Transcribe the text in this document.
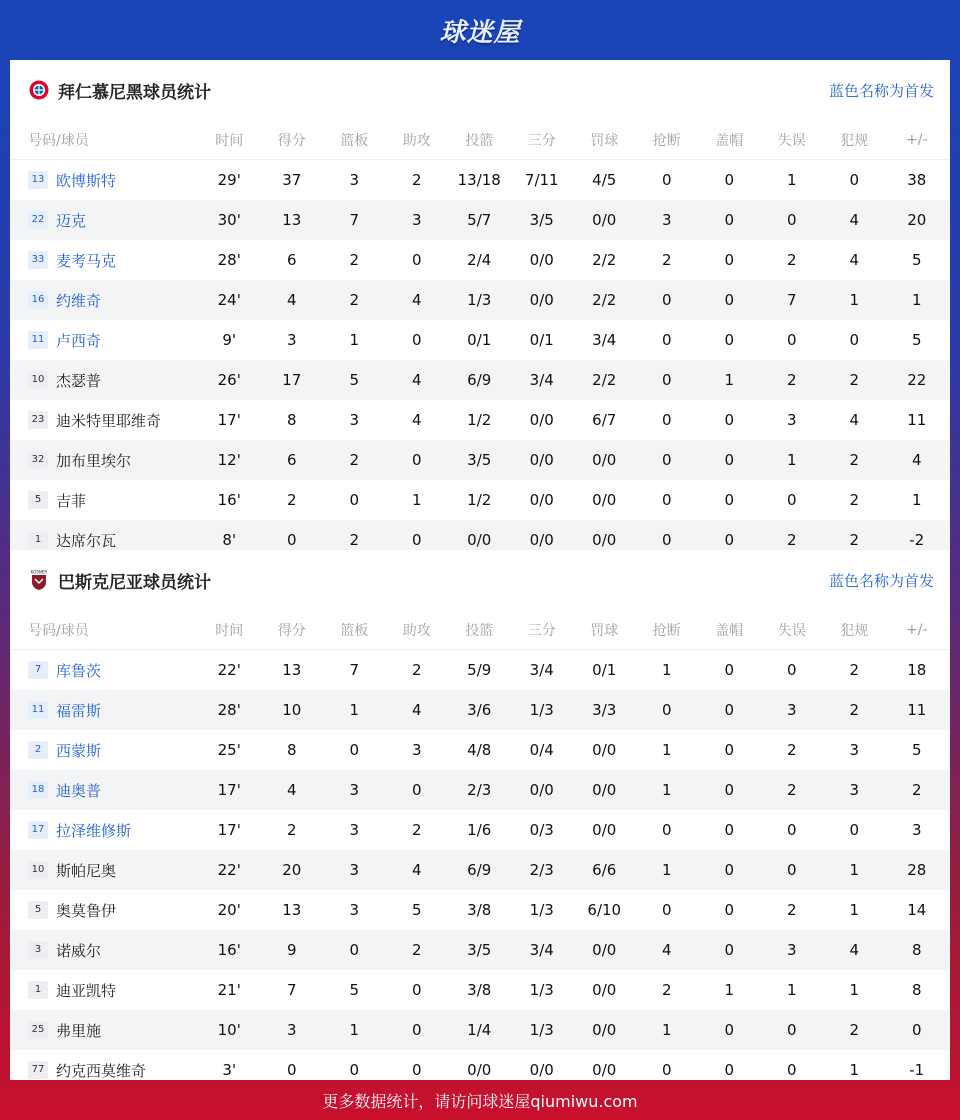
球迷屋
拜仁慕尼黑球员统计	蓝色名称为首发
号码/球员	时间	得分	篮板	助攻	投篮	三分	罚球	抢断	盖帽	失误	犯规	+/-
13 欧博斯特	29'	37	3	2	13/18	7/11	4/5	0	0	1	0	38
22 迈克	30'	13	7	3	5/7	3/5	0/0	3	0	0	4	20
33 麦考马克	28'	6	2	0	2/4	0/0	2/2	2	0	2	4	5
16 约维奇	24'	4	2	4	1/3	0/0	2/2	0	0	7	1	1
11 卢西奇	9'	3	1	0	0/1	0/1	3/4	0	0	0	0	5
10 杰瑟普	26'	17	5	4	6/9	3/4	2/2	0	1	2	2	22
23 迪米特里耶维奇	17'	8	3	4	1/2	0/0	6/7	0	0	3	4	11
32 加布里埃尔	12'	6	2	0	3/5	0/0	0/0	0	0	1	2	4
5 吉菲	16'	2	0	1	1/2	0/0	0/0	0	0	0	2	1
1 达席尔瓦	8'	0	2	0	0/0	0/0	0/0	0	0	2	2	-2
KOSNER
巴斯克尼亚球员统计	蓝色名称为首发
号码/球员	时间	得分	篮板	助攻	投篮	三分	罚球	抢断	盖帽	失误	犯规	+/-
7 库鲁茨	22'	13	7	2	5/9	3/4	0/1	1	0	0	2	18
11 福雷斯	28'	10	1	4	3/6	1/3	3/3	0	0	3	2	11
2 西蒙斯	25'	8	0	3	4/8	0/4	0/0	1	0	2	3	5
18 迪奥普	17'	4	3	0	2/3	0/0	0/0	1	0	2	3	2
17 拉泽维修斯	17'	2	3	2	1/6	0/3	0/0	0	0	0	0	3
10 斯帕尼奥	22'	20	3	4	6/9	2/3	6/6	1	0	0	1	28
5 奥莫鲁伊	20'	13	3	5	3/8	1/3	6/10	0	0	2	1	14
3 诺威尔	16'	9	0	2	3/5	3/4	0/0	4	0	3	4	8
1 迪亚凯特	21'	7	5	0	3/8	1/3	0/0	2	1	1	1	8
25 弗里施	10'	3	1	0	1/4	1/3	0/0	1	0	0	2	0
77 约克西莫维奇	3'	0	0	0	0/0	0/0	0/0	0	0	0	1	-1
更多数据统计，请访问球迷屋qiumiwu.com
